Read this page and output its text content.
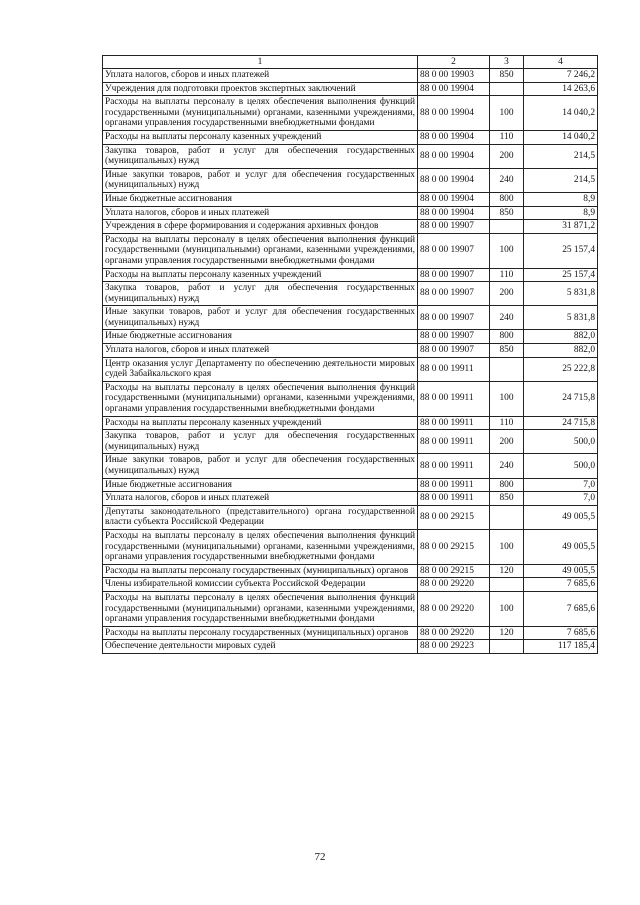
1	2	3	4
Уплата налогов, сборов и иных платежей	88 0 00 19903	850	7 246,2
Учреждения для подготовки проектов экспертных заключений	88 0 00 19904		14 263,6
Расходы на выплаты персоналу в целях обеспечения выполнения функций государственными (муниципальными) органами, казенными учреждениями, органами управления государственными внебюджетными фондами	88 0 00 19904	100	14 040,2
Расходы на выплаты персоналу казенных учреждений	88 0 00 19904	110	14 040,2
Закупка товаров, работ и услуг для обеспечения государственных (муниципальных) нужд	88 0 00 19904	200	214,5
Иные закупки товаров, работ и услуг для обеспечения государственных (муниципальных) нужд	88 0 00 19904	240	214,5
Иные бюджетные ассигнования	88 0 00 19904	800	8,9
Уплата налогов, сборов и иных платежей	88 0 00 19904	850	8,9
Учреждения в сфере формирования и содержания архивных фондов	88 0 00 19907		31 871,2
Расходы на выплаты персоналу в целях обеспечения выполнения функций государственными (муниципальными) органами, казенными учреждениями, органами управления государственными внебюджетными фондами	88 0 00 19907	100	25 157,4
Расходы на выплаты персоналу казенных учреждений	88 0 00 19907	110	25 157,4
Закупка товаров, работ и услуг для обеспечения государственных (муниципальных) нужд	88 0 00 19907	200	5 831,8
Иные закупки товаров, работ и услуг для обеспечения государственных (муниципальных) нужд	88 0 00 19907	240	5 831,8
Иные бюджетные ассигнования	88 0 00 19907	800	882,0
Уплата налогов, сборов и иных платежей	88 0 00 19907	850	882,0
Центр оказания услуг Департаменту по обеспечению деятельности мировых судей Забайкальского края	88 0 00 19911		25 222,8
Расходы на выплаты персоналу в целях обеспечения выполнения функций государственными (муниципальными) органами, казенными учреждениями, органами управления государственными внебюджетными фондами	88 0 00 19911	100	24 715,8
Расходы на выплаты персоналу казенных учреждений	88 0 00 19911	110	24 715,8
Закупка товаров, работ и услуг для обеспечения государственных (муниципальных) нужд	88 0 00 19911	200	500,0
Иные закупки товаров, работ и услуг для обеспечения государственных (муниципальных) нужд	88 0 00 19911	240	500,0
Иные бюджетные ассигнования	88 0 00 19911	800	7,0
Уплата налогов, сборов и иных платежей	88 0 00 19911	850	7,0
Депутаты законодательного (представительного) органа государственной власти субъекта Российской Федерации	88 0 00 29215		49 005,5
Расходы на выплаты персоналу в целях обеспечения выполнения функций государственными (муниципальными) органами, казенными учреждениями, органами управления государственными внебюджетными фондами	88 0 00 29215	100	49 005,5
Расходы на выплаты персоналу государственных (муниципальных) органов	88 0 00 29215	120	49 005,5
Члены избирательной комиссии субъекта Российской Федерации	88 0 00 29220		7 685,6
Расходы на выплаты персоналу в целях обеспечения выполнения функций государственными (муниципальными) органами, казенными учреждениями, органами управления государственными внебюджетными фондами	88 0 00 29220	100	7 685,6
Расходы на выплаты персоналу государственных (муниципальных) органов	88 0 00 29220	120	7 685,6
Обеспечение деятельности мировых судей	88 0 00 29223		117 185,4
72
